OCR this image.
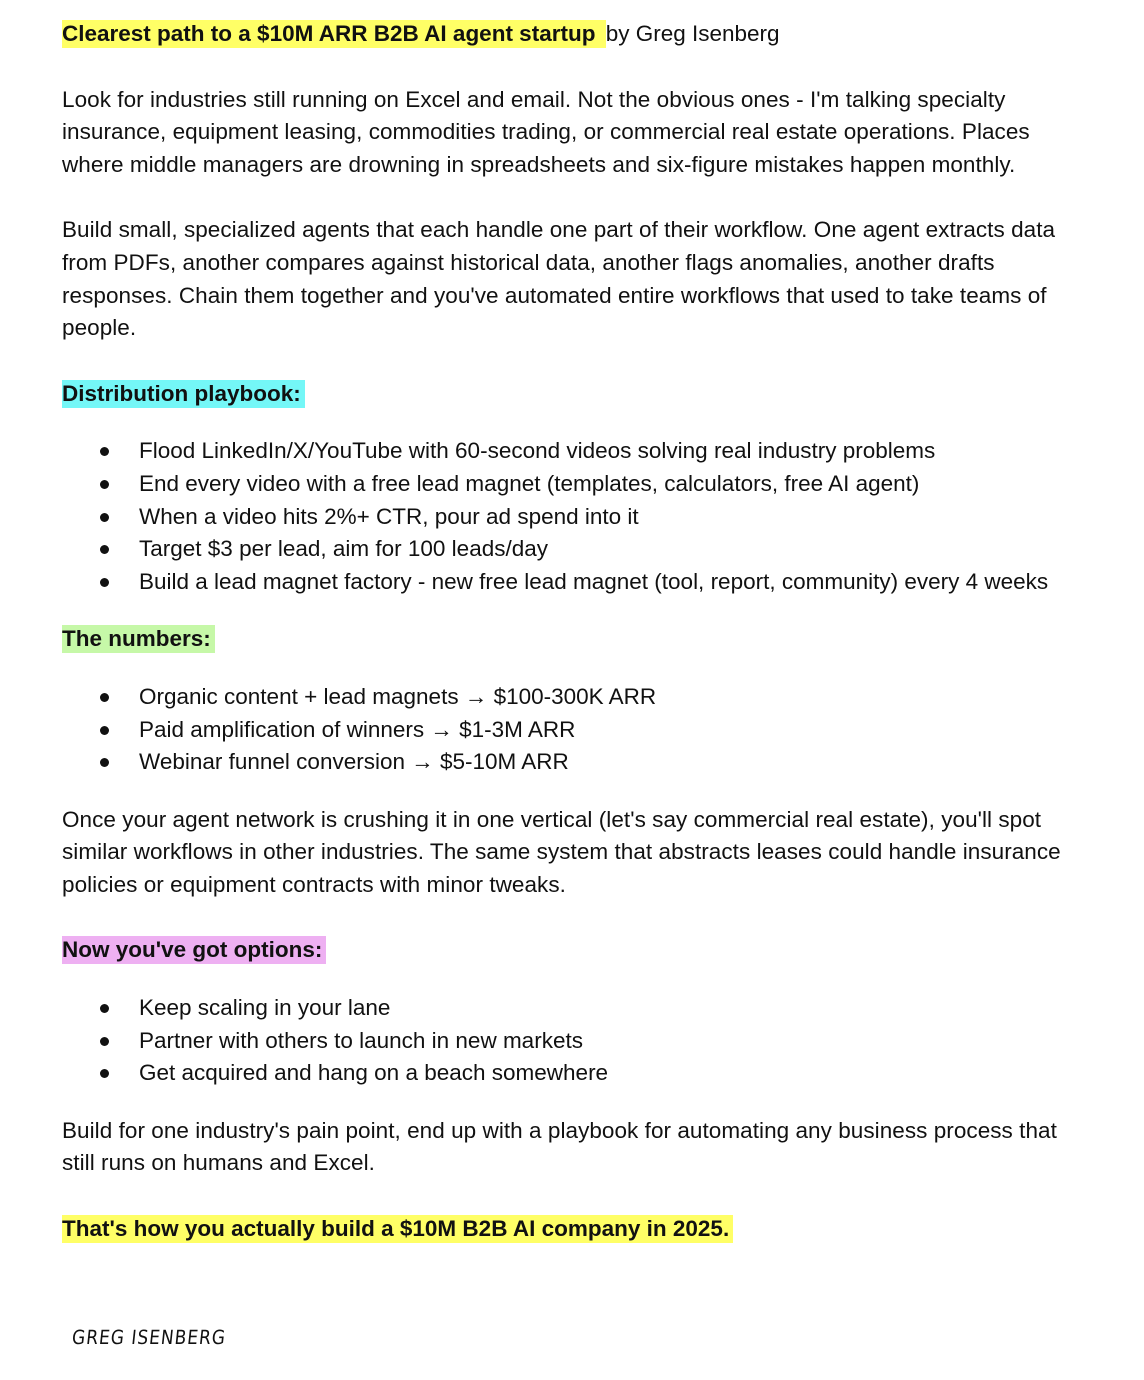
Clearest path to a $10M ARR B2B AI agent startup by Greg Isenberg

Look for industries still running on Excel and email. Not the obvious ones - I'm talking specialty insurance, equipment leasing, commodities trading, or commercial real estate operations. Places where middle managers are drowning in spreadsheets and six-figure mistakes happen monthly.

Build small, specialized agents that each handle one part of their workflow. One agent extracts data from PDFs, another compares against historical data, another flags anomalies, another drafts responses. Chain them together and you've automated entire workflows that used to take teams of people.

Distribution playbook:
Flood LinkedIn/X/YouTube with 60-second videos solving real industry problems
End every video with a free lead magnet (templates, calculators, free AI agent)
When a video hits 2%+ CTR, pour ad spend into it
Target $3 per lead, aim for 100 leads/day
Build a lead magnet factory - new free lead magnet (tool, report, community) every 4 weeks
The numbers:
Organic content + lead magnets → $100-300K ARR
Paid amplification of winners → $1-3M ARR
Webinar funnel conversion → $5-10M ARR

Once your agent network is crushing it in one vertical (let's say commercial real estate), you'll spot similar workflows in other industries. The same system that abstracts leases could handle insurance policies or equipment contracts with minor tweaks.

Now you've got options:
Keep scaling in your lane
Partner with others to launch in new markets
Get acquired and hang on a beach somewhere

Build for one industry's pain point, end up with a playbook for automating any business process that still runs on humans and Excel.

That's how you actually build a $10M B2B AI company in 2025.
GREG ISENBERG
